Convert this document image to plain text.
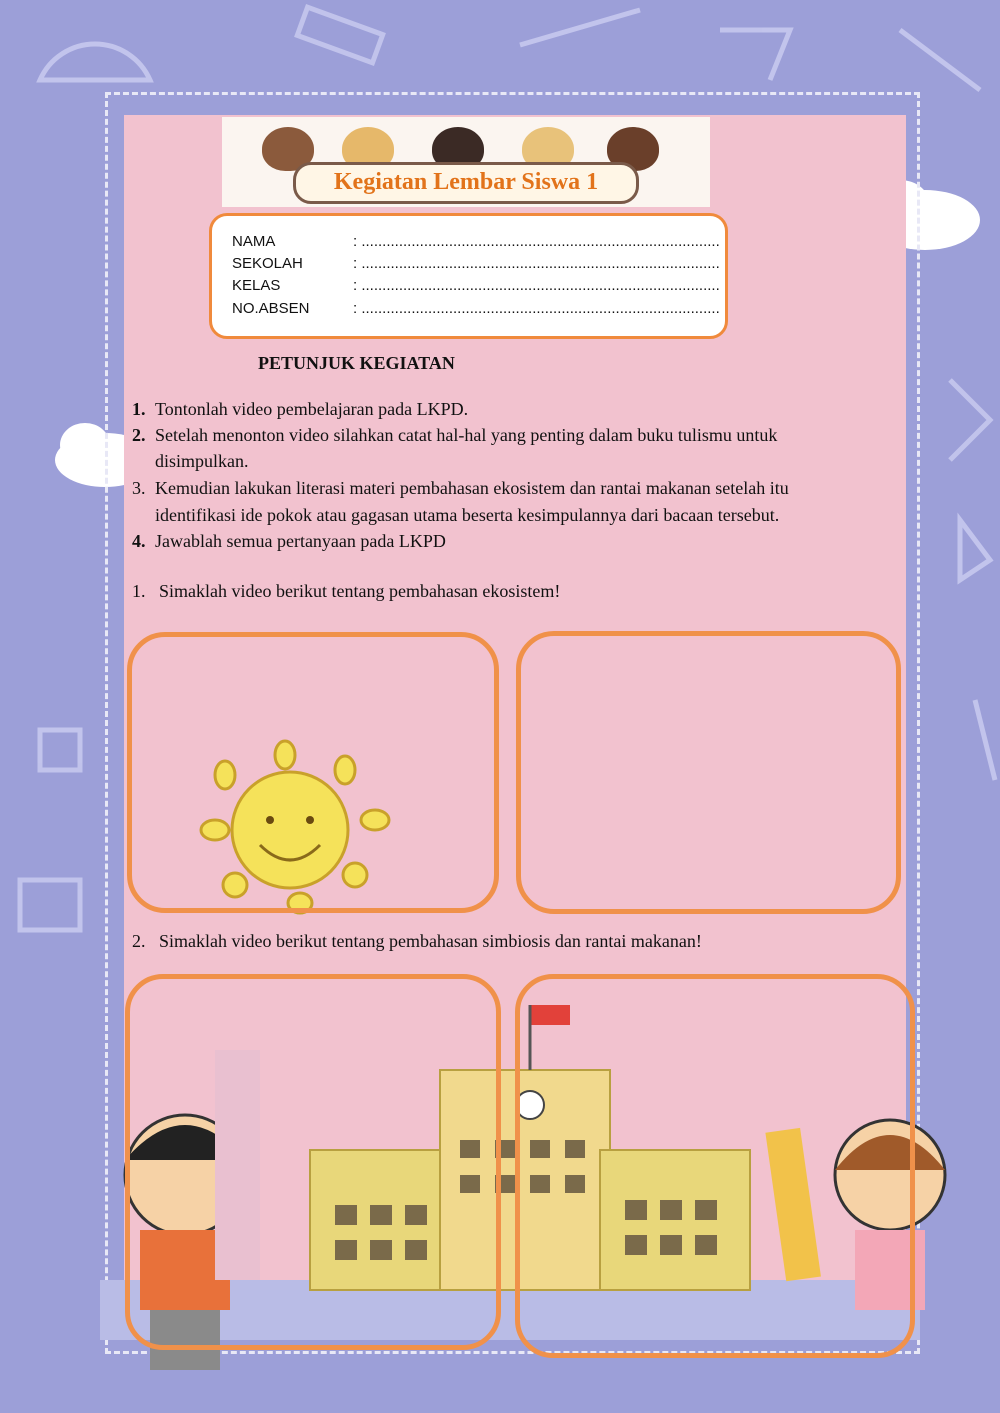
Kegiatan Lembar Siswa 1
NAMA	: ......................................................................................
SEKOLAH	: ......................................................................................
KELAS	: ......................................................................................
NO.ABSEN	: ......................................................................................
PETUNJUK KEGIATAN
1. Tontonlah video pembelajaran pada LKPD.
2. Setelah menonton video silahkan catat hal-hal yang penting dalam buku tulismu untuk
disimpulkan.
3. Kemudian lakukan literasi materi pembahasan ekosistem dan rantai makanan setelah itu
identifikasi ide pokok atau gagasan utama beserta kesimpulannya dari bacaan tersebut.
4. Jawablah semua pertanyaan pada LKPD
1. Simaklah video berikut tentang pembahasan ekosistem!
2. Simaklah video berikut tentang pembahasan simbiosis dan rantai makanan!
